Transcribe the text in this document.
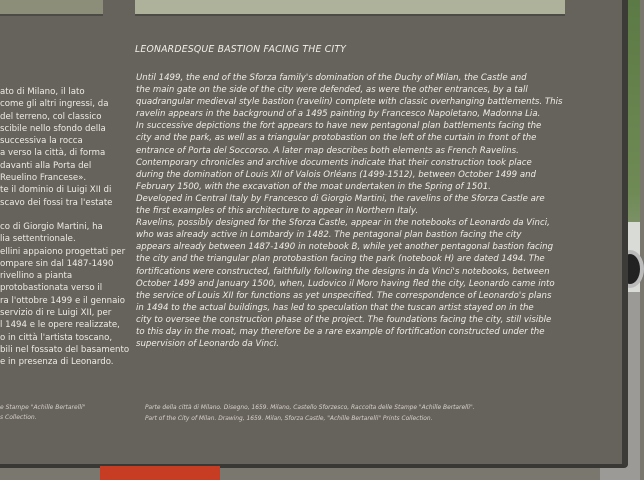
ato di Milano, il lato
come gli altri ingressi, da
del terreno, col classico
scibile nello sfondo della
successiva la rocca
a verso la città, di forma
davanti alla Porta del
Reuelino Francese».
te il dominio di Luigi XII di
scavo dei fossi tra l'estate
co di Giorgio Martini, ha
lia settentrionale.
ellini appaiono progettati per
ompare sin dal 1487-1490
rivellino a pianta
protobastionata verso il
ra l'ottobre 1499 e il gennaio
servizio di re Luigi XII, per
l 1494 e le opere realizzate,
o in città l'artista toscano,
bili nel fossato del basamento
e in presenza di Leonardo.
e Stampe "Achille Bertarelli"
s Collection.
LEONARDESQUE BASTION FACING THE CITY

Until 1499, the end of the Sforza family's domination of the Duchy of Milan, the Castle and

the main gate on the side of the city were defended, as were the other entrances, by a tall

quadrangular medieval style bastion (ravelin) complete with classic overhanging battlements. This

ravelin appears in the background of a 1495 painting by Francesco Napoletano, Madonna Lia.

In successive depictions the fort appears to have new pentagonal plan battlements facing the

city and the park, as well as a triangular protobastion on the left of the curtain in front of the

entrance of Porta del Soccorso. A later map describes both elements as French Ravelins.

Contemporary chronicles and archive documents indicate that their construction took place

during the domination of Louis XII of Valois Orléans (1499-1512), between October 1499 and

February 1500, with the excavation of the moat undertaken in the Spring of 1501.

Developed in Central Italy by Francesco di Giorgio Martini, the ravelins of the Sforza Castle are

the first examples of this architecture to appear in Northern Italy.

Ravelins, possibly designed for the Sforza Castle, appear in the notebooks of Leonardo da Vinci,

who was already active in Lombardy in 1482. The pentagonal plan bastion facing the city

appears already between 1487-1490 in notebook B, while yet another pentagonal bastion facing

the city and the triangular plan protobastion facing the park (notebook H) are dated 1494. The

fortifications were constructed, faithfully following the designs in da Vinci's notebooks, between

October 1499 and January 1500, when, Ludovico il Moro having fled the city, Leonardo came into

the service of Louis XII for functions as yet unspecified. The correspondence of Leonardo's plans

in 1494 to the actual buildings, has led to speculation that the tuscan artist stayed on in the

city to oversee the construction phase of the project. The foundations facing the city, still visible

to this day in the moat, may therefore be a rare example of fortification constructed under the

supervision of Leonardo da Vinci.

Parte della città di Milano. Disegno, 1659. Milano, Castello Sforzesco, Raccolta delle Stampe "Achille Bertarelli".

Part of the City of Milan. Drawing, 1659. Milan, Sforza Castle, "Achille Bertarelli" Prints Collection.
